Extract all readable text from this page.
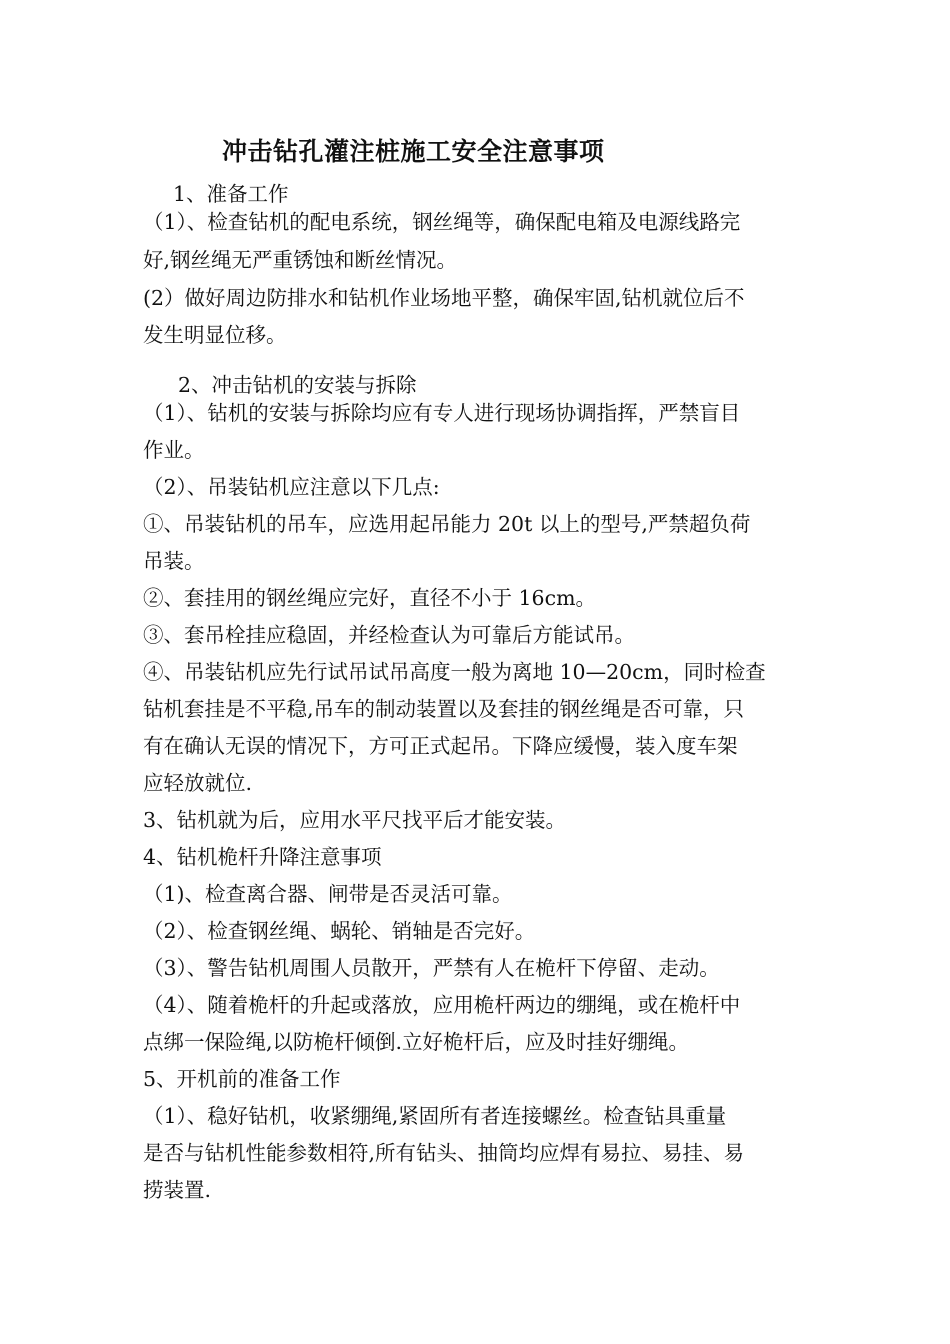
冲击钻孔灌注桩施工安全注意事项

1、准备工作

（1）、检查钻机的配电系统，钢丝绳等，确保配电箱及电源线路完

好,钢丝绳无严重锈蚀和断丝情况。

(2）做好周边防排水和钻机作业场地平整，确保牢固,钻机就位后不

发生明显位移。

2、冲击钻机的安装与拆除

（1）、钻机的安装与拆除均应有专人进行现场协调指挥，严禁盲目

作业。

（2）、吊装钻机应注意以下几点:

①、吊装钻机的吊车，应选用起吊能力 20t 以上的型号,严禁超负荷

吊装。

②、套挂用的钢丝绳应完好，直径不小于 16cm。

③、套吊栓挂应稳固，并经检查认为可靠后方能试吊。

④、吊装钻机应先行试吊试吊高度一般为离地 10—20cm，同时检查

钻机套挂是不平稳,吊车的制动装置以及套挂的钢丝绳是否可靠，只

有在确认无误的情况下，方可正式起吊。下降应缓慢，装入度车架

应轻放就位.

3、钻机就为后，应用水平尺找平后才能安装。

4、钻机桅杆升降注意事项

（1)、检查离合器、闸带是否灵活可靠。

（2）、检查钢丝绳、蜗轮、销轴是否完好。

（3）、警告钻机周围人员散开，严禁有人在桅杆下停留、走动。

（4）、随着桅杆的升起或落放，应用桅杆两边的绷绳，或在桅杆中

点绑一保险绳,以防桅杆倾倒.立好桅杆后，应及时挂好绷绳。

5、开机前的准备工作

（1）、稳好钻机，收紧绷绳,紧固所有者连接螺丝。检查钻具重量

是否与钻机性能参数相符,所有钻头、抽筒均应焊有易拉、易挂、易

捞装置.
